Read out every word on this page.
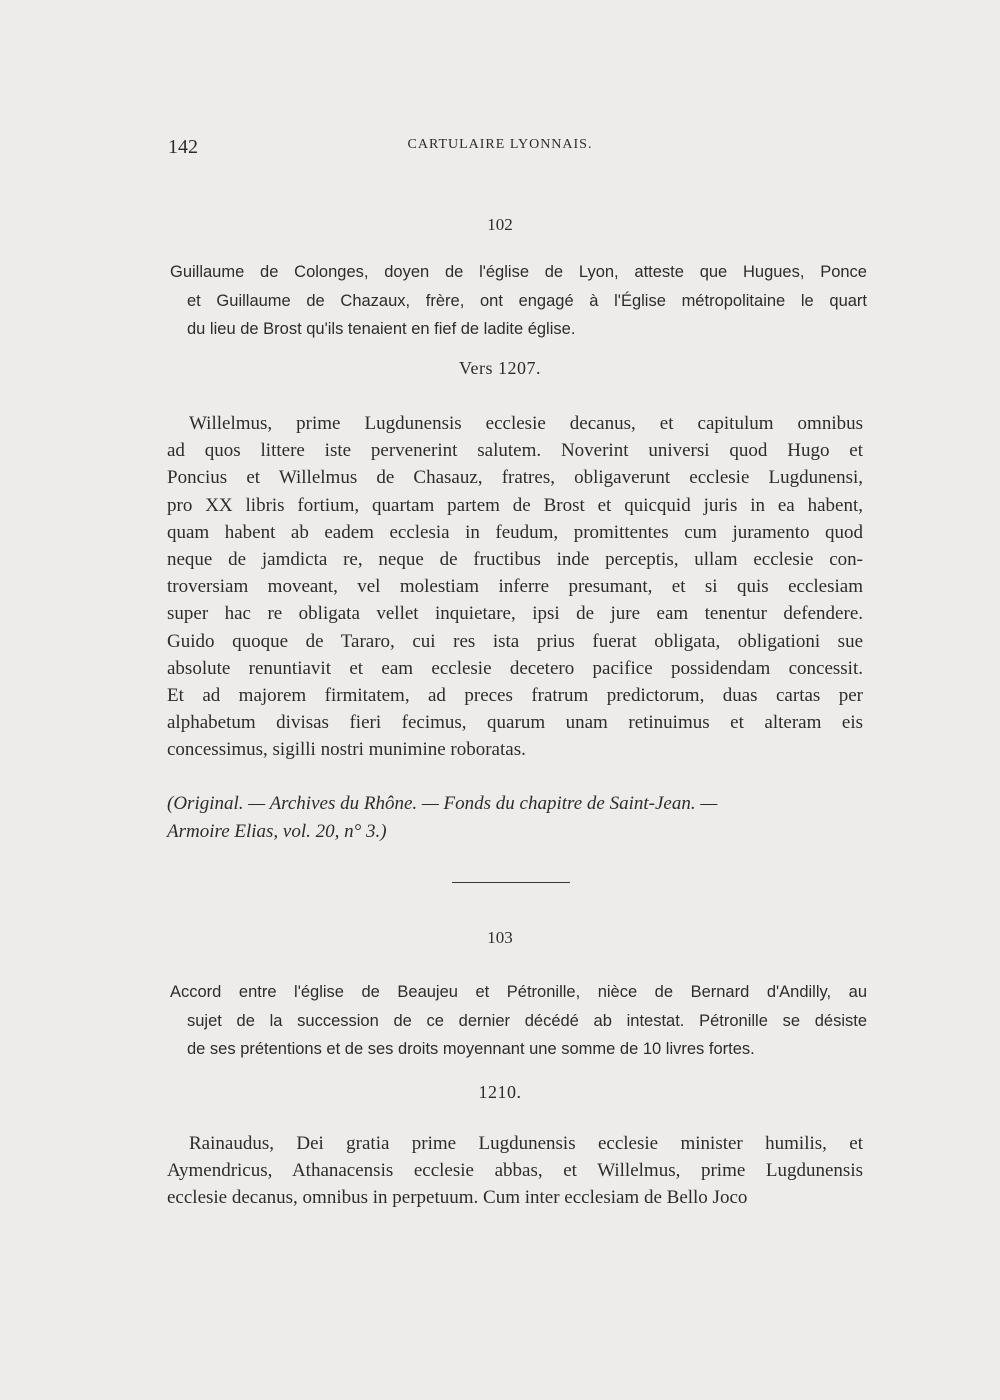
142	CARTULAIRE LYONNAIS.
102
Guillaume de Colonges, doyen de l'église de Lyon, atteste que Hugues, Ponce
et Guillaume de Chazaux, frère, ont engagé à l'Église métropolitaine le quart
du lieu de Brost qu'ils tenaient en fief de ladite église.
Vers 1207.
Willelmus, prime Lugdunensis ecclesie decanus, et capitulum omnibus
ad quos littere iste pervenerint salutem. Noverint universi quod Hugo et
Poncius et Willelmus de Chasauz, fratres, obligaverunt ecclesie Lugdunensi,
pro XX libris fortium, quartam partem de Brost et quicquid juris in ea habent,
quam habent ab eadem ecclesia in feudum, promittentes cum juramento quod
neque de jamdicta re, neque de fructibus inde perceptis, ullam ecclesie con-
troversiam moveant, vel molestiam inferre presumant, et si quis ecclesiam
super hac re obligata vellet inquietare, ipsi de jure eam tenentur defendere.
Guido quoque de Tararo, cui res ista prius fuerat obligata, obligationi sue
absolute renuntiavit et eam ecclesie decetero pacifice possidendam concessit.
Et ad majorem firmitatem, ad preces fratrum predictorum, duas cartas per
alphabetum divisas fieri fecimus, quarum unam retinuimus et alteram eis
concessimus, sigilli nostri munimine roboratas.
(Original. — Archives du Rhône. — Fonds du chapitre de Saint-Jean. —
Armoire Elias, vol. 20, n° 3.)
103
Accord entre l'église de Beaujeu et Pétronille, nièce de Bernard d'Andilly, au
sujet de la succession de ce dernier décédé ab intestat. Pétronille se désiste
de ses prétentions et de ses droits moyennant une somme de 10 livres fortes.
1210.
Rainaudus, Dei gratia prime Lugdunensis ecclesie minister humilis, et
Aymendricus, Athanacensis ecclesie abbas, et Willelmus, prime Lugdunensis
ecclesie decanus, omnibus in perpetuum. Cum inter ecclesiam de Bello Joco
